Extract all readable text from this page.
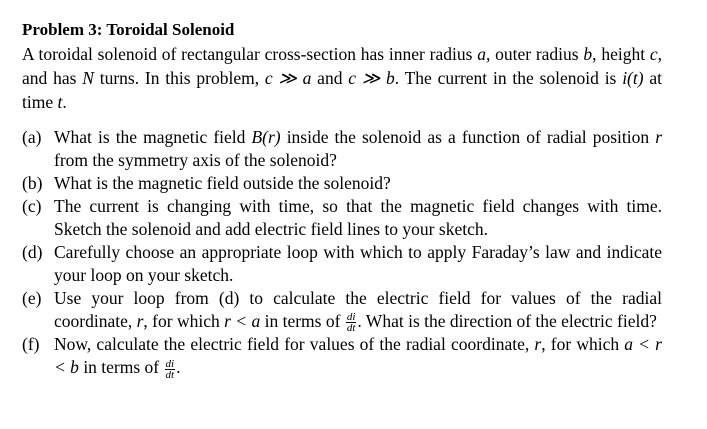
Problem 3: Toroidal Solenoid

A toroidal solenoid of rectangular cross-section has inner radius a, outer radius b, height c, and has N turns. In this problem, c ≫ a and c ≫ b. The current in the solenoid is i(t) at time t.

(a) What is the magnetic field B(r) inside the solenoid as a function of radial position r from the symmetry axis of the solenoid?
(b) What is the magnetic field outside the solenoid?
(c) The current is changing with time, so that the magnetic field changes with time. Sketch the solenoid and add electric field lines to your sketch.
(d) Carefully choose an appropriate loop with which to apply Faraday’s law and indicate your loop on your sketch.
(e) Use your loop from (d) to calculate the electric field for values of the radial coordinate, r, for which r < a in terms of $\frac{di}{dt}$ . What is the direction of the electric field?
(f) Now, calculate the electric field for values of the radial coordinate, r, for which a < r < b in terms of $\frac{di}{dt}$ .
